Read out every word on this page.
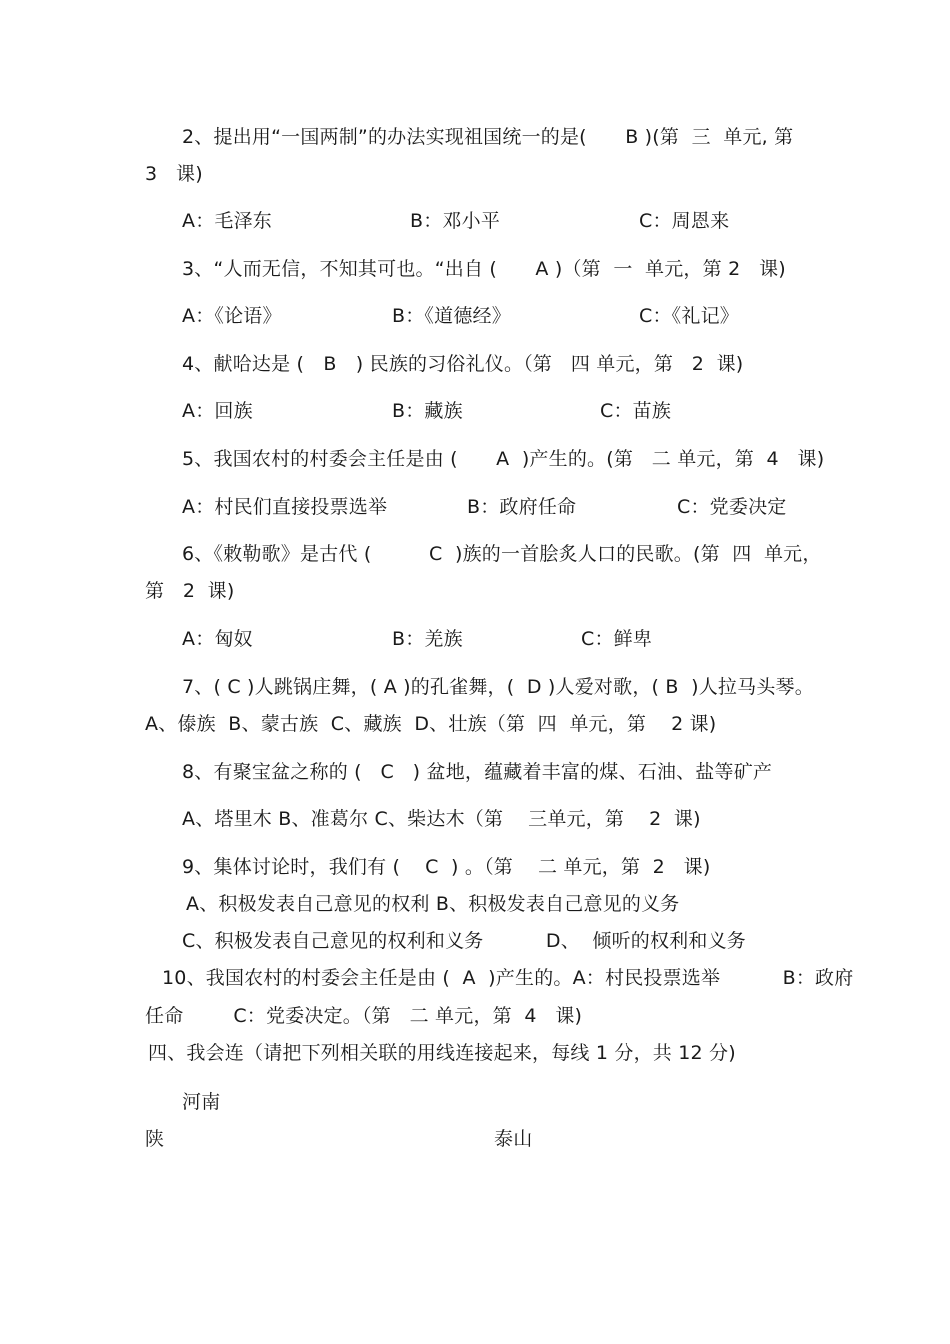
2、提出用“一国两制”的办法实现祖国统一的是(　　B )(第  三  单元, 第
3   课)
A：毛泽东	B：邓小平	C：周恩来
3、“人而无信，不知其可也。“出自 (　　A )（第  一  单元，第 2   课)
A：《论语》	B：《道德经》	C：《礼记》
4、献哈达是 (　B　) 民族的习俗礼仪。（第   四 单元，第   2  课)
A：回族	B：藏族	C：苗族
5、我国农村的村委会主任是由 (　　A  )产生的。(第   二 单元，第  4   课)
A：村民们直接投票选举	B：政府任命	C：党委决定
6、《敕勒歌》是古代 (　　　C  )族的一首脍炙人口的民歌。(第  四  单元，
第   2  课)
A：匈奴	B：羌族	C：鲜卑
7、( C )人跳锅庄舞，( A )的孔雀舞，(  D )人爱对歌，( B  )人拉马头琴。
A、傣族  B、蒙古族  C、藏族  D、壮族（第  四  单元，第    2 课)
8、有聚宝盆之称的 (   C   ) 盆地，蕴藏着丰富的煤、石油、盐等矿产
A、塔里木 B、准葛尔 C、柴达木（第    三单元，第    2  课)
9、集体讨论时，我们有 (    C  ) 。（第    二 单元，第  2   课)
A、积极发表自己意见的权利 B、积极发表自己意见的义务
C、积极发表自己意见的权利和义务          D、  倾听的权利和义务
10、我国农村的村委会主任是由 (  A  )产生的。A：村民投票选举          B：政府
任命        C：党委决定。（第   二 单元，第  4   课)
四、我会连（请把下列相关联的用线连接起来，每线 1 分，共 12 分)
河南
陕	泰山
